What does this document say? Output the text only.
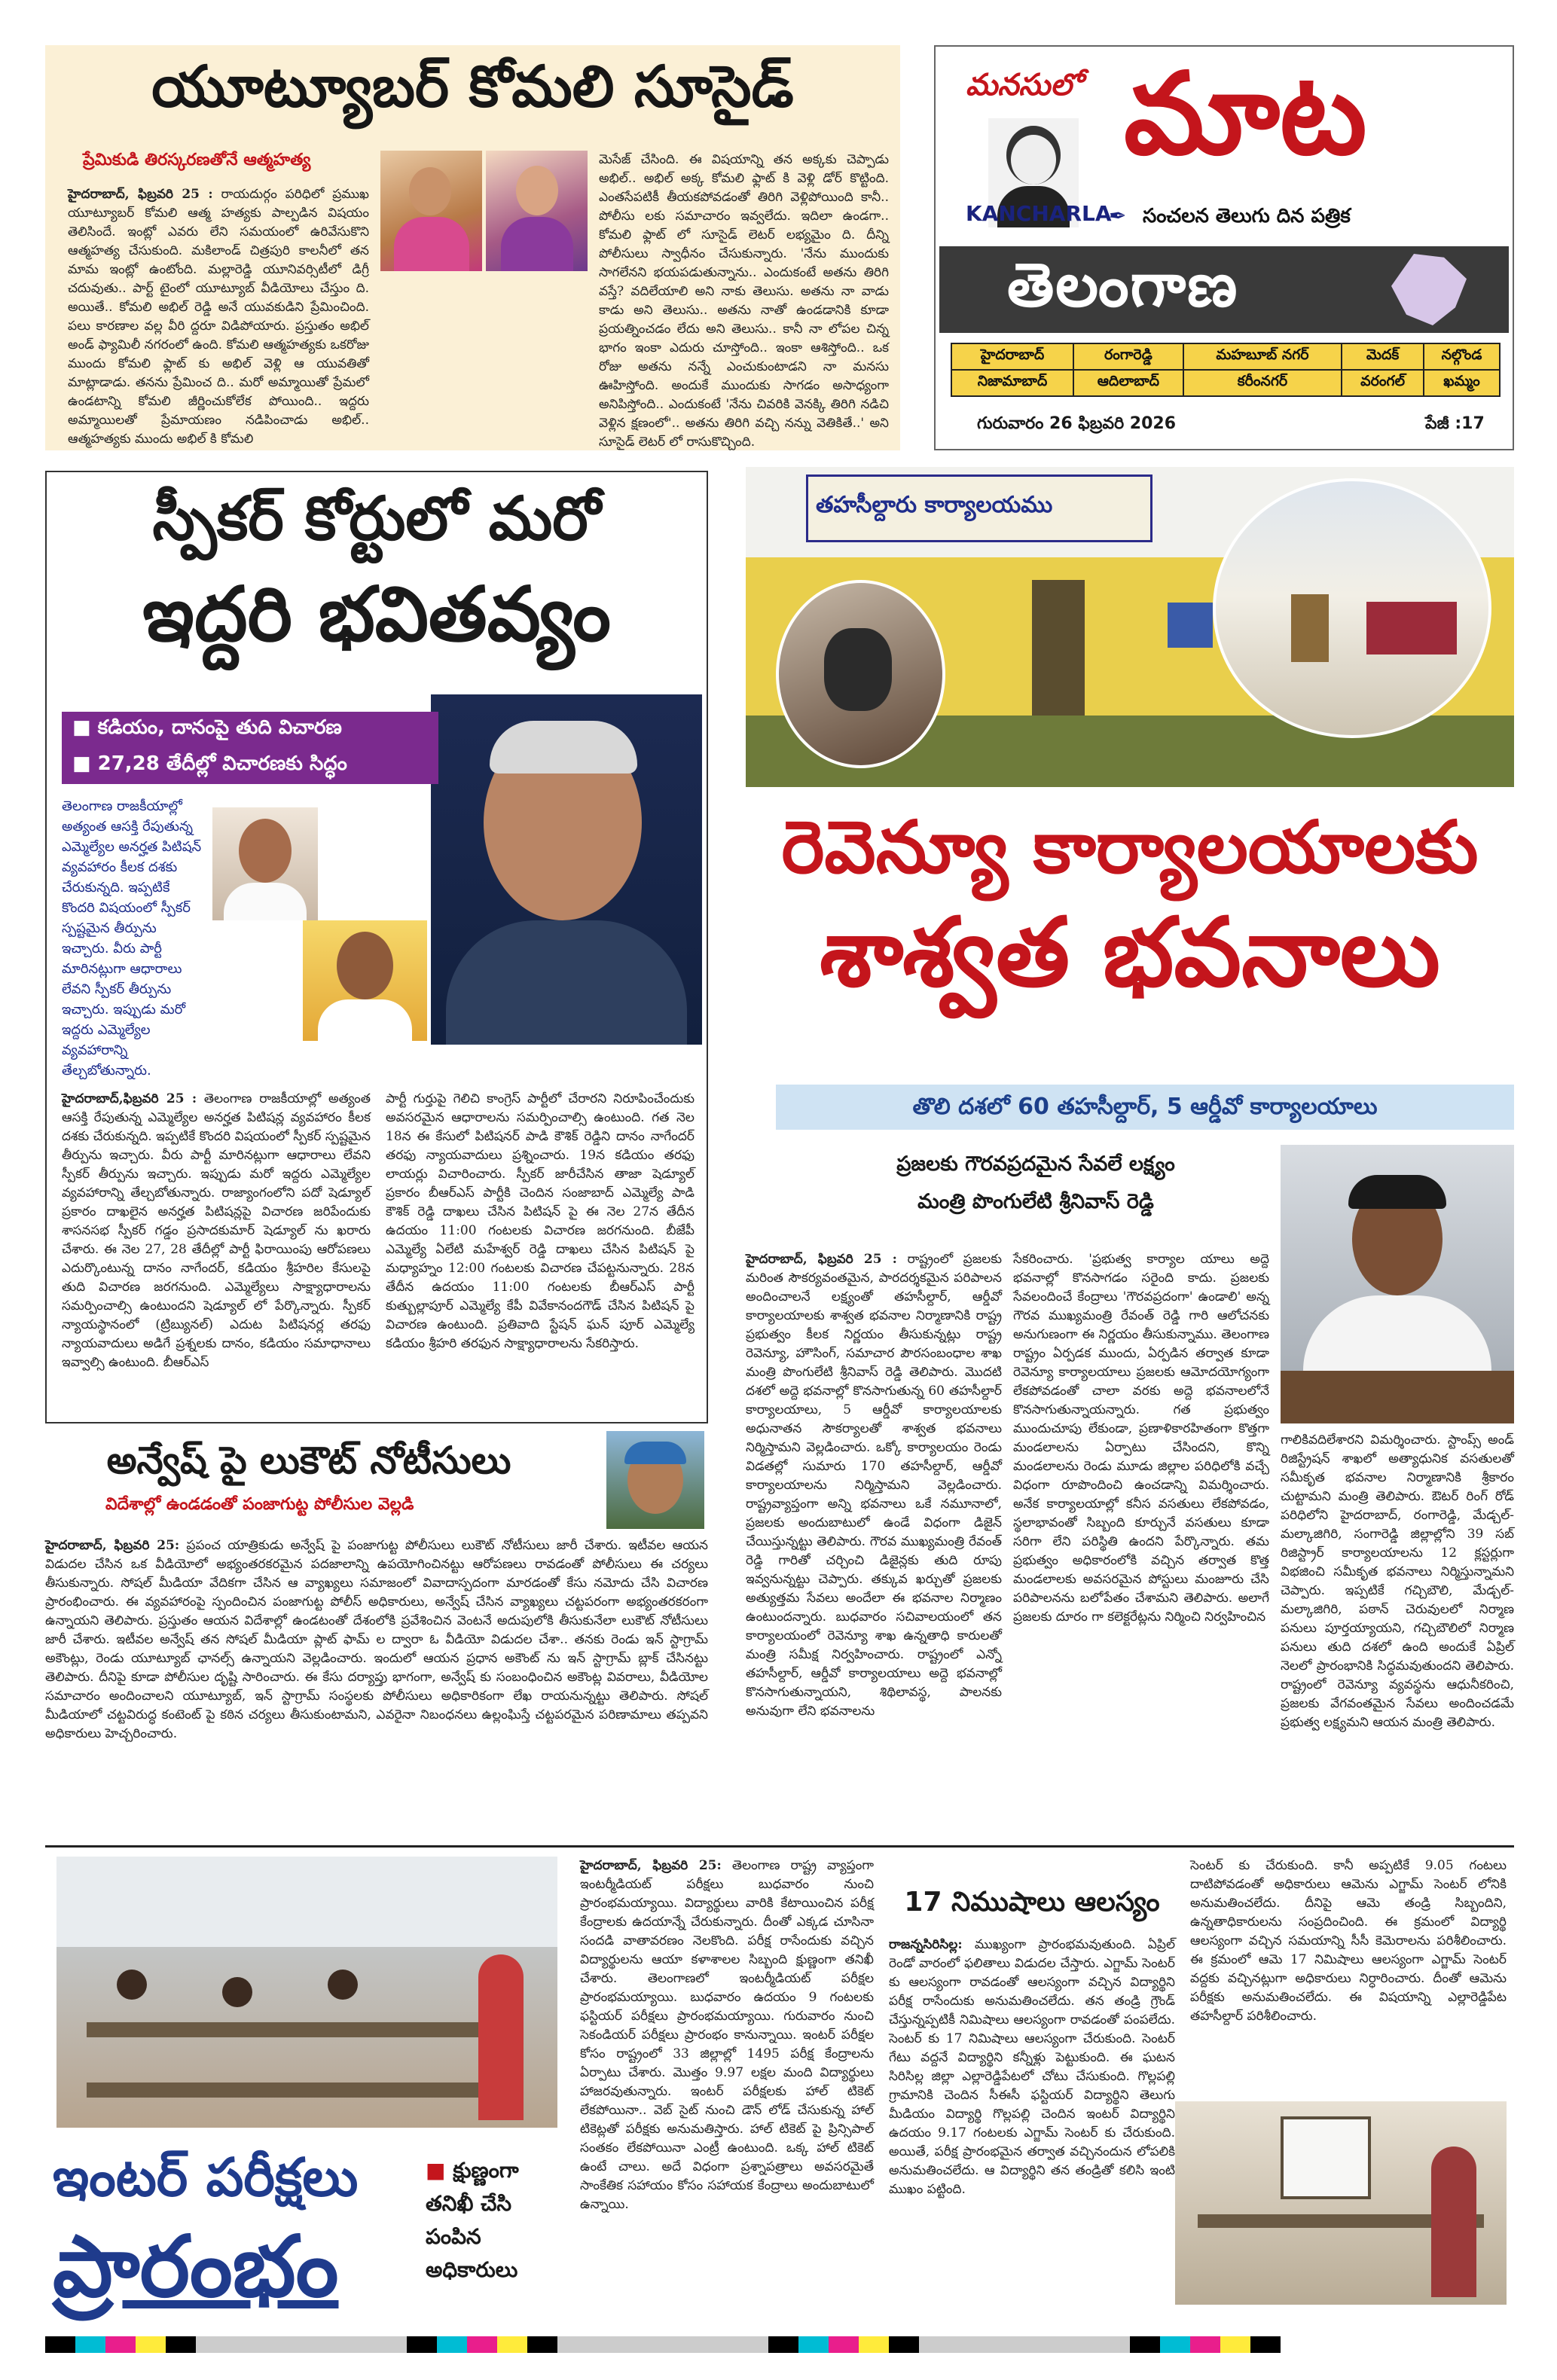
యూట్యూబర్ కోమలి సూసైడ్
ప్రేమికుడి తిరస్కరణతోనే ఆత్మహత్య
హైదరాబాద్, ఫిబ్రవరి 25 : రాయదుర్గం పరిధిలో ప్రముఖ యూట్యూబర్ కోమలి ఆత్మ హత్యకు పాల్పడిన విషయం తెలిసిందే. ఇంట్లో ఎవరు లేని సమయంలో ఉరివేసుకొని ఆత్మహత్య చేసుకుంది. మకిలాండ్ చిత్రపురి కాలనీలో తన మామ ఇంట్లో ఉంటోంది. మల్లారెడ్డి యూనివర్సిటీలో డిగ్రీ చదువుతు.. పార్ట్ టైంలో యూట్యూబ్ వీడియోలు చేస్తుం ది. అయితే.. కోమలి అభిల్ రెడ్డి అనే యువకుడిని ప్రేమించింది. పలు కారణాల వల్ల వీరి ద్దరూ విడిపోయారు. ప్రస్తుతం అభిల్ అండ్ ఫ్యామిలీ నగరంలో ఉంది. కోమలి ఆత్మహత్యకు ఒకరోజు ముందు కోమలి ఫ్లాట్ కు అభిల్ వెళ్లి ఆ యువతితో మాట్లాడాడు. తనను ప్రేమించ ది.. మరో అమ్మాయితో ప్రేమలో ఉండటాన్ని కోమలి జీర్ణించుకోలేక పోయింది.. ఇద్దరు అమ్మాయిలతో ప్రేమాయణం నడిపించాడు అభిల్.. ఆత్మహత్యకు ముందు అభిల్ కి కోమలి
మెసేజ్ చేసింది. ఈ విషయాన్ని తన అక్కకు చెప్పాడు అభిల్.. అభిల్ అక్క కోమలి ఫ్లాట్ కి వెళ్లి డోర్ కొట్టింది. ఎంతసేపటికీ తీయకపోవడంతో తిరిగి వెళ్లిపోయింది కానీ.. పోలీసు లకు సమాచారం ఇవ్వలేదు. ఇదిలా ఉండగా.. కోమలి ఫ్లాట్ లో సూసైడ్ లెటర్ లభ్యమైం ది. దీన్ని పోలీసులు స్వాధీనం చేసుకున్నారు. 'నేను ముందుకు సాగలేనని భయపడుతున్నాను.. ఎందుకంటే అతను తిరిగి వస్తే? వదిలేయాలి అని నాకు తెలుసు. అతను నా వాడు కాడు అని తెలుసు.. అతను నాతో ఉండడానికి కూడా ప్రయత్నించడం లేదు అని తెలుసు.. కానీ నా లోపల చిన్న భాగం ఇంకా ఎదురు చూస్తోంది.. ఇంకా ఆశిస్తోంది.. ఒక రోజు అతను నన్నే ఎంచుకుంటాడని నా మనసు ఊహిస్తోంది. అందుకే ముందుకు సాగడం అసాధ్యంగా అనిపిస్తోంది.. ఎందుకంటే 'నేను చివరికి వెనక్కి తిరిగి నడిచి వెళ్లిన క్షణంలో'.. అతను తిరిగి వచ్చి నన్ను వెతికితే..' అని సూసైడ్ లెటర్ లో రాసుకొచ్చింది.
మనసులో మాట
KANCHARLA
✒ సంచలన తెలుగు దిన పత్రిక
తెలంగాణ
హైదరాబాద్	రంగారెడ్డి	మహబూబ్ నగర్	మెదక్	నల్గొండ
నిజామాబాద్	ఆదిలాబాద్	కరీంనగర్	వరంగల్	ఖమ్మం
గురువారం 26 ఫిబ్రవరి 2026	పేజీ :17
స్పీకర్ కోర్టులో మరో
ఇద్దరి భవితవ్యం
■ కడియం, దానంపై తుది విచారణ
■ 27,28 తేదీల్లో విచారణకు సిద్ధం
తెలంగాణ రాజకీయాల్లో అత్యంత ఆసక్తి రేపుతున్న ఎమ్మెల్యేల అనర్హత పిటిషన్ వ్యవహారం కీలక దశకు చేరుకున్నది. ఇప్పటికే కొందరి విషయంలో స్పీకర్ స్పష్టమైన తీర్పును ఇచ్చారు. వీరు పార్టీ మారినట్లుగా ఆధారాలు లేవని స్పీకర్ తీర్పును ఇచ్చారు. ఇప్పుడు మరో ఇద్దరు ఎమ్మెల్యేల వ్యవహారాన్ని తేల్చబోతున్నారు.
హైదరాబాద్,ఫిబ్రవరి 25 : తెలంగాణ రాజకీయాల్లో అత్యంత ఆసక్తి రేపుతున్న ఎమ్మెల్యేల అనర్హత పిటిషన్ల వ్యవహారం కీలక దశకు చేరుకున్నది. ఇప్పటికే కొందరి విషయంలో స్పీకర్ స్పష్టమైన తీర్పును ఇచ్చారు. వీరు పార్టీ మారినట్లుగా ఆధారాలు లేవని స్పీకర్ తీర్పును ఇచ్చారు. ఇప్పుడు మరో ఇద్దరు ఎమ్మెల్యేల వ్యవహారాన్ని తేల్చబోతున్నారు. రాజ్యాంగంలోని పదో షెడ్యూల్ ప్రకారం దాఖలైన అనర్హత పిటిషన్లపై విచారణ జరిపేందుకు శాసనసభ స్పీకర్ గడ్డం ప్రసాదకుమార్ షెడ్యూల్ ను ఖరారు చేశారు. ఈ నెల 27, 28 తేదీల్లో పార్టీ ఫిరాయింపు ఆరోపణలు ఎదుర్కొంటున్న దానం నాగేందర్, కడియం శ్రీహరిల కేసులపై తుది విచారణ జరగనుంది. ఎమ్మెల్యేలు సాక్ష్యాధారాలను సమర్పించాల్సి ఉంటుందని షెడ్యూల్ లో పేర్కొన్నారు. స్పీకర్ న్యాయస్థానంలో (ట్రిబ్యునల్) ఎదుట పిటిషనర్ల తరఫు న్యాయవాదులు అడిగే ప్రశ్నలకు దానం, కడియం సమాధానాలు ఇవ్వాల్సి ఉంటుంది. బీఆర్ఎస్
పార్టీ గుర్తుపై గెలిచి కాంగ్రెస్ పార్టీలో చేరారని నిరూపించేందుకు అవసరమైన ఆధారాలను సమర్పించాల్సి ఉంటుంది. గత నెల 18న ఈ కేసులో పిటిషనర్ పాడి కౌశిక్ రెడ్డిని దానం నాగేందర్ తరఫు న్యాయవాదులు ప్రశ్నించారు. 19న కడియం తరఫు లాయర్లు విచారించారు. స్పీకర్ జారీచేసిన తాజా షెడ్యూల్ ప్రకారం బీఆర్ఎస్ పార్టీకి చెందిన సంజాబాద్ ఎమ్మెల్యే పాడి కౌశిక్ రెడ్డి దాఖలు చేసిన పిటిషన్ పై ఈ నెల 27న తేదీన ఉదయం 11:00 గంటలకు విచారణ జరగనుంది. బీజేపీ ఎమ్మెల్యే ఏలేటి మహేశ్వర్ రెడ్డి దాఖలు చేసిన పిటిషన్ పై మధ్యాహ్నం 12:00 గంటలకు విచారణ చేపట్టనున్నారు. 28న తేదీన ఉదయం 11:00 గంటలకు బీఆర్ఎస్ పార్టీ కుత్బుల్లాపూర్ ఎమ్మెల్యే కేపీ వివేకానందగౌడ్ చేసిన పిటిషన్ పై విచారణ ఉంటుంది. ప్రతివాది స్టేషన్ ఘన్ పూర్ ఎమ్మెల్యే కడియం శ్రీహరి తరఫున సాక్ష్యాధారాలను సేకరిస్తారు.
అన్వేష్ పై లుకౌట్ నోటీసులు
విదేశాల్లో ఉండడంతో పంజాగుట్ట పోలీసుల వెల్లడి
హైదరాబాద్, ఫిబ్రవరి 25: ప్రపంచ యాత్రికుడు అన్వేష్ పై పంజాగుట్ట పోలీసులు లుకౌట్ నోటీసులు జారీ చేశారు. ఇటీవల ఆయన విడుదల చేసిన ఒక వీడియోలో అభ్యంతరకరమైన పదజాలాన్ని ఉపయోగించినట్టు ఆరోపణలు రావడంతో పోలీసులు ఈ చర్యలు తీసుకున్నారు. సోషల్ మీడియా వేదికగా చేసిన ఆ వ్యాఖ్యలు సమాజంలో వివాదాస్పదంగా మారడంతో కేసు నమోదు చేసి విచారణ ప్రారంభించారు. ఈ వ్యవహారంపై స్పందించిన పంజాగుట్ట పోలీస్ అధికారులు, అన్వేష్ చేసిన వ్యాఖ్యలు చట్టపరంగా అభ్యంతరకరంగా ఉన్నాయని తెలిపారు. ప్రస్తుతం ఆయన విదేశాల్లో ఉండటంతో దేశంలోకి ప్రవేశించిన వెంటనే అదుపులోకి తీసుకునేలా లుకౌట్ నోటీసులు జారీ చేశారు. ఇటీవల అన్వేష్ తన సోషల్ మీడియా ప్లాట్ ఫామ్ ల ద్వారా ఓ వీడియో విడుదల చేశా.. తనకు రెండు ఇన్ స్టాగ్రామ్ అకౌంట్లు, రెండు యూట్యూబ్ ఛానల్స్ ఉన్నాయని వెల్లడించారు. ఇందులో ఆయన ప్రధాన అకౌంట్ ను ఇన్ స్టాగ్రామ్ బ్లాక్ చేసినట్టు తెలిపారు. దీనిపై కూడా పోలీసుల దృష్టి సారించారు. ఈ కేసు దర్యాప్తు భాగంగా, అన్వేష్ కు సంబంధించిన అకౌంట్ల వివరాలు, వీడియోల సమాచారం అందించాలని యూట్యూబ్, ఇన్ స్టాగ్రామ్ సంస్థలకు పోలీసులు అధికారికంగా లేఖ రాయనున్నట్టు తెలిపారు. సోషల్ మీడియాలో చట్టవిరుద్ధ కంటెంట్ పై కఠిన చర్యలు తీసుకుంటామని, ఎవరైనా నిబంధనలు ఉల్లంఘిస్తే చట్టపరమైన పరిణామాలు తప్పవని అధికారులు హెచ్చరించారు.
తహసీల్దారు కార్యాలయము
రెవెన్యూ కార్యాలయాలకు
శాశ్వత భవనాలు
తొలి దశలో 60 తహసీల్దార్, 5 ఆర్డీవో కార్యాలయాలు
ప్రజలకు గౌరవప్రదమైన సేవలే లక్ష్యం
మంత్రి పొంగులేటి శ్రీనివాస్ రెడ్డి
హైదరాబాద్, ఫిబ్రవరి 25 : రాష్ట్రంలో ప్రజలకు మరింత సౌకర్యవంతమైన, పారదర్శకమైన పరిపాలన అందించాలనే లక్ష్యంతో తహసీల్దార్, ఆర్డీవో కార్యాలయాలకు శాశ్వత భవనాల నిర్మాణానికి రాష్ట్ర ప్రభుత్వం కీలక నిర్ణయం తీసుకున్నట్లు రాష్ట్ర రెవెన్యూ, హౌసింగ్, సమాచార పౌరసంబంధాల శాఖ మంత్రి పొంగులేటి శ్రీనివాస్ రెడ్డి తెలిపారు. మొదటి దశలో అద్దె భవనాల్లో కొనసాగుతున్న 60 తహసీల్దార్ కార్యాలయాలు, 5 ఆర్డీవో కార్యాలయాలకు అధునాతన సౌకర్యాలతో శాశ్వత భవనాలు నిర్మిస్తామని వెల్లడించారు. ఒక్కో కార్యాలయం రెండు విడతల్లో సుమారు 170 తహసీల్దార్, ఆర్డీవో కార్యాలయాలను నిర్మిస్తామని వెల్లడించారు. రాష్ట్రవ్యాప్తంగా అన్ని భవనాలు ఒకే నమూనాలో, ప్రజలకు అందుబాటులో ఉండే విధంగా డిజైన్ చేయిస్తున్నట్టు తెలిపారు. గౌరవ ముఖ్యమంత్రి రేవంత్ రెడ్డి గారితో చర్చించి డిజైన్లకు తుది రూపు ఇవ్వనున్నట్టు చెప్పారు. తక్కువ ఖర్చుతో ప్రజలకు అత్యుత్తమ సేవలు అందేలా ఈ భవనాల నిర్మాణం ఉంటుందన్నారు. బుధవారం సచివాలయంలో తన కార్యాలయంలో రెవెన్యూ శాఖ ఉన్నతాధి కారులతో మంత్రి సమీక్ష నిర్వహించారు. రాష్ట్రంలో ఎన్నో తహసీల్దార్, ఆర్డీవో కార్యాలయాలు అద్దె భవనాల్లో కొనసాగుతున్నాయని, శిథిలావస్థ, పాలనకు అనువుగా లేని భవనాలను
సేకరించారు. 'ప్రభుత్వ కార్యాల యాలు అద్దె భవనాల్లో కొనసాగడం సరైంది కాదు. ప్రజలకు సేవలందించే కేంద్రాలు 'గౌరవప్రదంగా' ఉండాలి' అన్న గౌరవ ముఖ్యమంత్రి రేవంత్ రెడ్డి గారి ఆలోచనకు అనుగుణంగా ఈ నిర్ణయం తీసుకున్నాము. తెలంగాణ రాష్ట్రం ఏర్పడక ముందు, ఏర్పడిన తర్వాత కూడా రెవెన్యూ కార్యాలయాలు ప్రజలకు ఆమోదయోగ్యంగా లేకపోవడంతో చాలా వరకు అద్దె భవనాలలోనే కొనసాగుతున్నాయన్నారు. గత ప్రభుత్వం ముందుచూపు లేకుండా, ప్రణాళికారహితంగా కొత్తగా మండలాలను ఏర్పాటు చేసిందని, కొన్ని మండలాలను రెండు మూడు జిల్లాల పరిధిలోకి వచ్చే విధంగా రూపొందించి ఉంచడాన్ని విమర్శించారు. అనేక కార్యాలయాల్లో కనీస వసతులు లేకపోవడం, స్థలాభావంతో సిబ్బంది కూర్చునే వసతులు కూడా సరిగా లేని పరిస్థితి ఉందని పేర్కొన్నారు. తమ ప్రభుత్వం అధికారంలోకి వచ్చిన తర్వాత కొత్త మండలాలకు అవసరమైన పోస్టులు మంజూరు చేసి పరిపాలనను బలోపేతం చేశామని తెలిపారు. అలాగే ప్రజలకు దూరం గా కలెక్టరేట్లను నిర్మించి నిర్వహించిన
గాలికివదిలేశారని విమర్శించారు. స్టాంప్స్ అండ్ రిజిస్ట్రేషన్ శాఖలో అత్యాధునిక వసతులతో సమీకృత భవనాల నిర్మాణానికి శ్రీకారం చుట్టామని మంత్రి తెలిపారు. ఔటర్ రింగ్ రోడ్ పరిధిలోని హైదరాబాద్, రంగారెడ్డి, మేడ్చల్-మల్కాజిగిరి, సంగారెడ్డి జిల్లాల్లోని 39 సబ్ రిజిస్ట్రార్ కార్యాలయాలను 12 క్లస్టర్లుగా విభజించి సమీకృత భవనాలు నిర్మిస్తున్నామని చెప్పారు. ఇప్పటికే గచ్చిబౌలి, మేడ్చల్-మల్కాజిగిరి, పఠాన్ చెరువులలో నిర్మాణ పనులు పూర్తయ్యాయని, గచ్చిబౌలిలో నిర్మాణ పనులు తుది దశలో ఉంది అందుకే ఏప్రిల్ నెలలో ప్రారంభానికి సిద్ధమవుతుందని తెలిపారు. రాష్ట్రంలో రెవెన్యూ వ్యవస్థను ఆధునీకరించి, ప్రజలకు వేగవంతమైన సేవలు అందించడమే ప్రభుత్వ లక్ష్యమని ఆయన మంత్రి తెలిపారు.
ఇంటర్ పరీక్షలు
ప్రారంభం
■ క్షుణ్ణంగా తనిఖీ చేసి పంపిన అధికారులు
హైదరాబాద్, ఫిబ్రవరి 25: తెలంగాణ రాష్ట్ర వ్యాప్తంగా ఇంటర్మీడియట్ పరీక్షలు బుధవారం నుంచి ప్రారంభమయ్యాయి. విద్యార్థులు వారికి కేటాయించిన పరీక్ష కేంద్రాలకు ఉదయాన్నే చేరుకున్నారు. దీంతో ఎక్కడ చూసినా సందడి వాతావరణం నెలకొంది. పరీక్ష రాసేందుకు వచ్చిన విద్యార్థులను ఆయా కళాశాలల సిబ్బంది క్షుణ్ణంగా తనిఖీ చేశారు. తెలంగాణలో ఇంటర్మీడియట్ పరీక్షల ప్రారంభమయ్యాయి. బుధవారం ఉదయం 9 గంటలకు ఫస్టియర్ పరీక్షలు ప్రారంభమయ్యాయి. గురువారం నుంచి సెకండియర్ పరీక్షలు ప్రారంభం కానున్నాయి. ఇంటర్ పరీక్షల కోసం రాష్ట్రంలో 33 జిల్లాల్లో 1495 పరీక్ష కేంద్రాలను ఏర్పాటు చేశారు. మొత్తం 9.97 లక్షల మంది విద్యార్థులు హాజరవుతున్నారు. ఇంటర్ పరీక్షలకు హాల్ టికెట్ లేకపోయినా.. వెబ్ సైట్ నుంచి డౌన్ లోడ్ చేసుకున్న హాల్ టికెట్లతో పరీక్షకు అనుమతిస్తారు. హాల్ టికెట్ పై ప్రిన్సిపాల్ సంతకం లేకపోయినా ఎంట్రీ ఉంటుంది. ఒక్క హాల్ టికెట్ ఉంటే చాలు. అదే విధంగా ప్రశ్నాపత్రాలు అవసరమైతే సాంకేతిక సహాయం కోసం సహాయక కేంద్రాలు అందుబాటులో ఉన్నాయి.
17 నిముషాలు ఆలస్యం
రాజన్నసిరిసిల్ల: ముఖ్యంగా ప్రారంభమవుతుంది. ఏప్రిల్ రెండో వారంలో ఫలితాలు విడుదల చేస్తారు. ఎగ్జామ్ సెంటర్ కు ఆలస్యంగా రావడంతో ఆలస్యంగా వచ్చిన విద్యార్థిని పరీక్ష రాసేందుకు అనుమతించలేదు. తన తండ్రి గ్రౌండ్ చేస్తున్నప్పటికీ నిమిషాలు ఆలస్యంగా రావడంతో పంపలేదు. సెంటర్ కు 17 నిమిషాలు ఆలస్యంగా చేరుకుంది. సెంటర్ గేటు వద్దనే విద్యార్థిని కన్నీళ్లు పెట్టుకుంది. ఈ ఘటన సిరిసిల్ల జిల్లా ఎల్లారెడ్డిపేటలో చోటు చేసుకుంది. గొల్లపల్లి గ్రామానికి చెందిన సీఈసీ ఫస్టియర్ విద్యార్థిని తెలుగు మీడియం విద్యార్థి గొల్లపల్లి చెందిన ఇంటర్ విద్యార్థిని ఉదయం 9.17 గంటలకు ఎగ్జామ్ సెంటర్ కు చేరుకుంది. అయితే, పరీక్ష ప్రారంభమైన తర్వాత వచ్చినందున లోపలికి అనుమతించలేదు. ఆ విద్యార్థిని తన తండ్రితో కలిసి ఇంటి ముఖం పట్టింది.
సెంటర్ కు చేరుకుంది. కానీ అప్పటికే 9.05 గంటలు దాటిపోవడంతో అధికారులు ఆమెను ఎగ్జామ్ సెంటర్ లోనికి అనుమతించలేదు. దీనిపై ఆమె తండ్రి సిబ్బందిని, ఉన్నతాధికారులను సంప్రదించింది. ఈ క్రమంలో విద్యార్థి ఆలస్యంగా వచ్చిన సమయాన్ని సీసీ కెమెరాలను పరిశీలించారు. ఈ క్రమంలో ఆమె 17 నిమిషాలు ఆలస్యంగా ఎగ్జామ్ సెంటర్ వద్దకు వచ్చినట్లుగా అధికారులు నిర్ధారించారు. దీంతో ఆమెను పరీక్షకు అనుమతించలేదు. ఈ విషయాన్ని ఎల్లారెడ్డిపేట తహసీల్దార్ పరిశీలించారు.
